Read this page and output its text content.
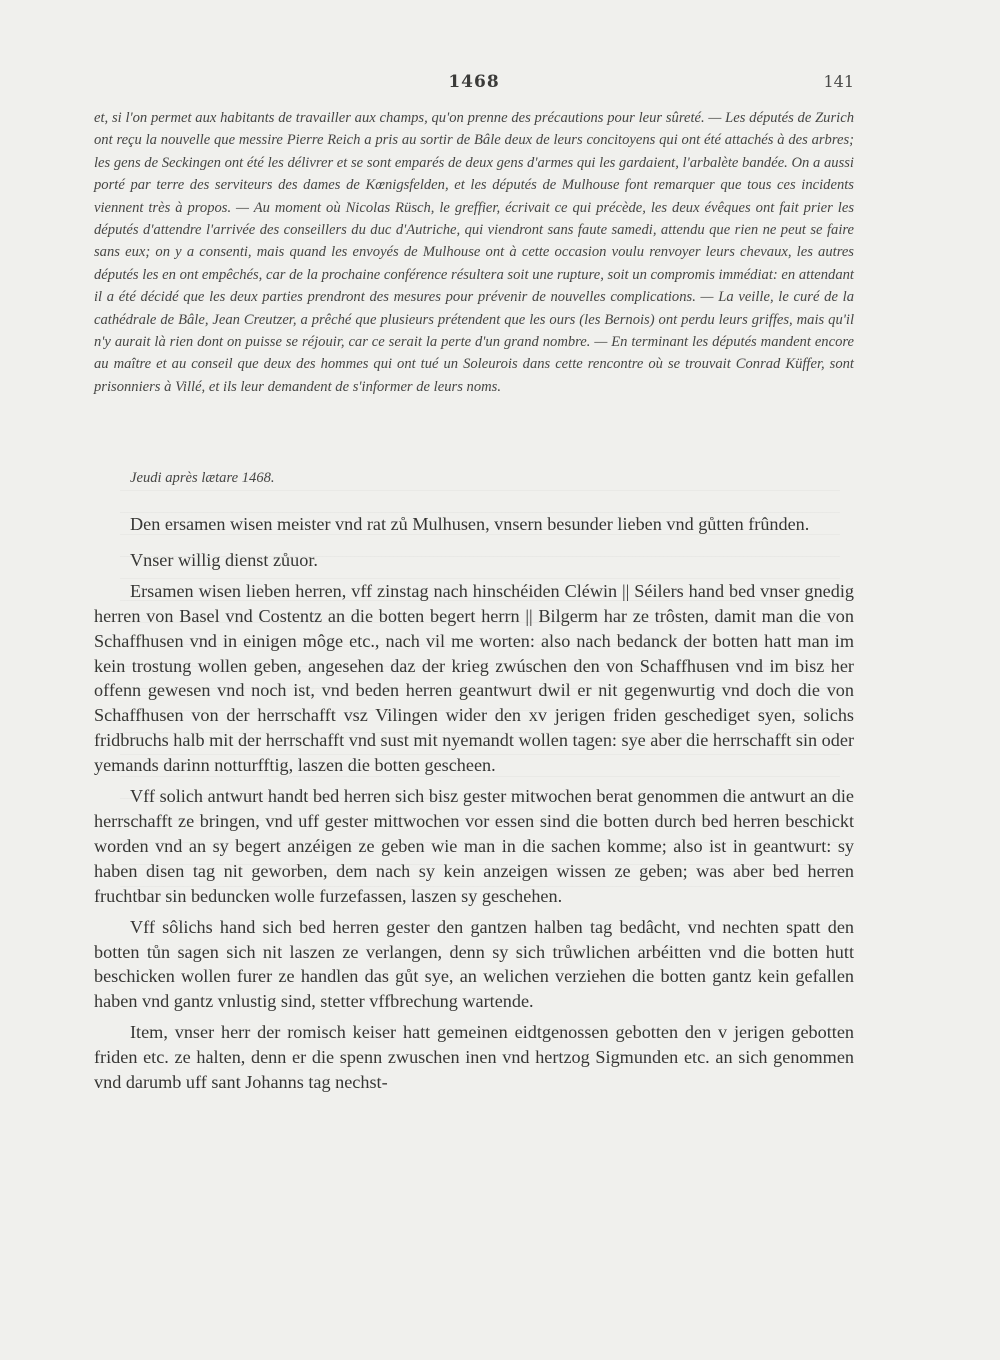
1468	141

et, si l'on permet aux habitants de travailler aux champs, qu'on prenne des précautions pour leur sûreté. — Les députés de Zurich ont reçu la nouvelle que messire Pierre Reich a pris au sortir de Bâle deux de leurs concitoyens qui ont été attachés à des arbres; les gens de Seckingen ont été les délivrer et se sont emparés de deux gens d'armes qui les gardaient, l'arbalète bandée. On a aussi porté par terre des serviteurs des dames de Kœnigsfelden, et les députés de Mulhouse font remarquer que tous ces incidents viennent très à propos. — Au moment où Nicolas Rüsch, le greffier, écrivait ce qui précède, les deux évêques ont fait prier les députés d'attendre l'arrivée des conseillers du duc d'Autriche, qui viendront sans faute samedi, attendu que rien ne peut se faire sans eux; on y a consenti, mais quand les envoyés de Mulhouse ont à cette occasion voulu renvoyer leurs chevaux, les autres députés les en ont empêchés, car de la prochaine conférence résultera soit une rupture, soit un compromis immédiat: en attendant il a été décidé que les deux parties prendront des mesures pour prévenir de nouvelles complications. — La veille, le curé de la cathédrale de Bâle, Jean Creutzer, a prêché que plusieurs prétendent que les ours (les Bernois) ont perdu leurs griffes, mais qu'il n'y aurait là rien dont on puisse se réjouir, car ce serait la perte d'un grand nombre. — En terminant les députés mandent encore au maître et au conseil que deux des hommes qui ont tué un Soleurois dans cette rencontre où se trouvait Conrad Küffer, sont prisonniers à Villé, et ils leur demandent de s'informer de leurs noms.

Jeudi après lætare 1468.

Den ersamen wisen meister vnd rat zů Mulhusen, vnsern besunder lieben vnd gůtten frûnden.

Vnser willig dienst zůuor.

Ersamen wisen lieben herren, vff zinstag nach hinschéiden Cléwin || Séilers hand bed vnser gnedig herren von Basel vnd Costentz an die botten begert herrn || Bilgerm har ze trôsten, damit man die von Schaffhusen vnd in einigen môge etc., nach vil me worten: also nach bedanck der botten hatt man im kein trostung wollen geben, angesehen daz der krieg zwúschen den von Schaffhusen vnd im bisz her offenn gewesen vnd noch ist, vnd beden herren geantwurt dwil er nit gegenwurtig vnd doch die von Schaffhusen von der herrschafft vsz Vilingen wider den xv jerigen friden geschediget syen, solichs fridbruchs halb mit der herrschafft vnd sust mit nyemandt wollen tagen: sye aber die herrschafft sin oder yemands darinn notturfftig, laszen die botten gescheen.

Vff solich antwurt handt bed herren sich bisz gester mitwochen berat genommen die antwurt an die herrschafft ze bringen, vnd uff gester mittwochen vor essen sind die botten durch bed herren beschickt worden vnd an sy begert anzéigen ze geben wie man in die sachen komme; also ist in geantwurt: sy haben disen tag nit geworben, dem nach sy kein anzeigen wissen ze geben; was aber bed herren fruchtbar sin beduncken wolle furzefassen, laszen sy geschehen.

Vff sôlichs hand sich bed herren gester den gantzen halben tag bedâcht, vnd nechten spatt den botten tůn sagen sich nit laszen ze verlangen, denn sy sich trůwlichen arbéitten vnd die botten hutt beschicken wollen furer ze handlen das gůt sye, an welichen verziehen die botten gantz kein gefallen haben vnd gantz vnlustig sind, stetter vffbrechung wartende.

Item, vnser herr der romisch keiser hatt gemeinen eidtgenossen gebotten den v jerigen gebotten friden etc. ze halten, denn er die spenn zwuschen inen vnd hertzog Sigmunden etc. an sich genommen vnd darumb uff sant Johanns tag nechst-
